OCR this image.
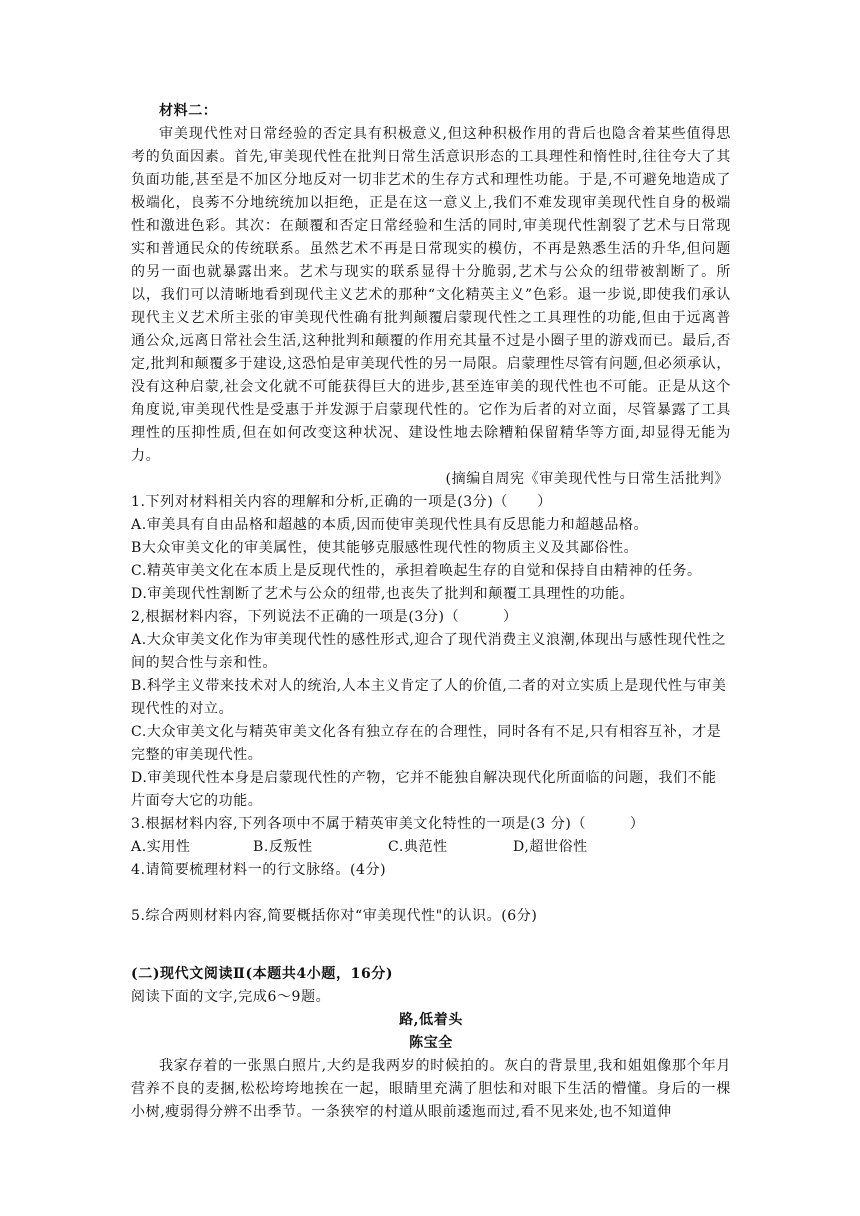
材料二：

审美现代性对日常经验的否定具有积极意义,但这种积极作用的背后也隐含着某些值得思考的负面因素。首先,审美现代性在批判日常生活意识形态的工具理性和惰性时,往往夸大了其负面功能,甚至是不加区分地反对一切非艺术的生存方式和理性功能。于是,不可避免地造成了极端化，良莠不分地统统加以拒绝，正是在这一意义上,我们不难发现审美现代性自身的极端性和激进色彩。其次：在颠覆和否定日常经验和生活的同时,审美现代性割裂了艺术与日常现实和普通民众的传统联系。虽然艺术不再是日常现实的模仿，不再是熟悉生活的升华,但问题的另一面也就暴露出来。艺术与现实的联系显得十分脆弱,艺术与公众的纽带被割断了。所以，我们可以清晰地看到现代主义艺术的那种“文化精英主义”色彩。退一步说,即使我们承认现代主义艺术所主张的审美现代性确有批判颠覆启蒙现代性之工具理性的功能,但由于远离普通公众,远离日常社会生活,这种批判和颠覆的作用充其量不过是小圈子里的游戏而已。最后,否定,批判和颠覆多于建设,这恐怕是审美现代性的另一局限。启蒙理性尽管有问题,但必须承认，没有这种启蒙,社会文化就不可能获得巨大的进步,甚至连审美的现代性也不可能。正是从这个角度说,审美现代性是受惠于并发源于启蒙现代性的。它作为后者的对立面，尽管暴露了工具理性的压抑性质,但在如何改变这种状况、建设性地去除糟粕保留精华等方面,却显得无能为力。

(摘编自周宪《审美现代性与日常生活批判》

1.下列对材料相关内容的理解和分析,正确的一项是(3分)（　　）

A.审美具有自由品格和超越的本质,因而使审美现代性具有反思能力和超越品格。

B大众审美文化的审美属性，使其能够克服感性现代性的物质主义及其鄙俗性。

C.精英审美文化在本质上是反现代性的，承担着唤起生存的自觉和保持自由精神的任务。

D.审美现代性割断了艺术与公众的纽带,也丧失了批判和颠覆工具理性的功能。

2,根据材料内容，下列说法不正确的一项是(3分)（　　　）

A.大众审美文化作为审美现代性的感性形式,迎合了现代消费主义浪潮,体现出与感性现代性之间的契合性与亲和性。

B.科学主义带来技术对人的统治,人本主义肯定了人的价值,二者的对立实质上是现代性与审美现代性的对立。

C.大众审美文化与精英审美文化各有独立存在的合理性，同时各有不足,只有相容互补，才是完整的审美现代性。

D.审美现代性本身是启蒙现代性的产物，它并不能独自解决现代化所面临的问题，我们不能片面夸大它的功能。

3.根据材料内容,下列各项中不属于精英审美文化特性的一项是(3 分)（　　　）

A.实用性	B.反叛性	C.典范性	D,超世俗性

4.请简要梳理材料一的行文脉络。(4分)

5.综合两则材料内容,简要概括你对“审美现代性"的认识。(6分)

(二)现代文阅读Ⅱ(本题共4小题，16分)

阅读下面的文字,完成6～9题。

路,低着头

陈宝全

我家存着的一张黑白照片,大约是我两岁的时候拍的。灰白的背景里,我和姐姐像那个年月营养不良的麦捆,松松垮垮地挨在一起，眼睛里充满了胆怯和对眼下生活的懵懂。身后的一棵小树,瘦弱得分辨不出季节。一条狭窄的村道从眼前逶迤而过,看不见来处,也不知道伸
